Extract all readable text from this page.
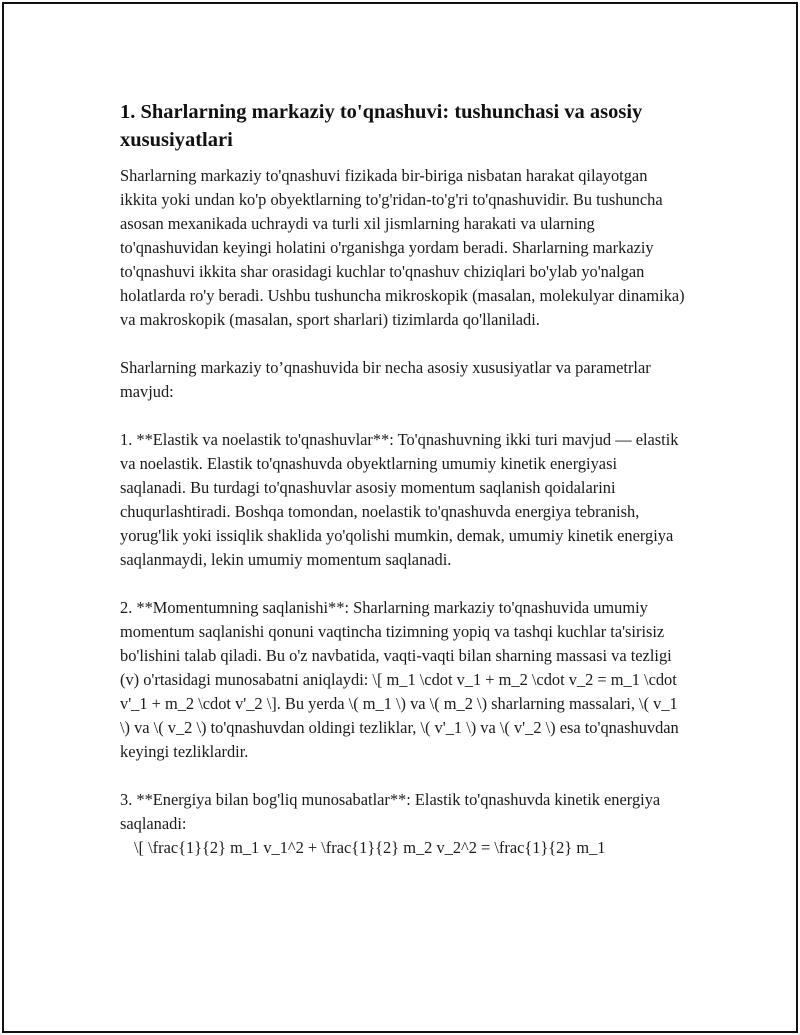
1. Sharlarning markaziy to'qnashuvi: tushunchasi va asosiy xususiyatlari

Sharlarning markaziy to'qnashuvi fizikada bir-biriga nisbatan harakat qilayotgan ikkita yoki undan ko'p obyektlarning to'g'ridan-to'g'ri to'qnashuvidir. Bu tushuncha asosan mexanikada uchraydi va turli xil jismlarning harakati va ularning to'qnashuvidan keyingi holatini o'rganishga yordam beradi. Sharlarning markaziy to'qnashuvi ikkita shar orasidagi kuchlar to'qnashuv chiziqlari bo'ylab yo'nalgan holatlarda ro'y beradi. Ushbu tushuncha mikroskopik (masalan, molekulyar dinamika) va makroskopik (masalan, sport sharlari) tizimlarda qo'llaniladi.

Sharlarning markaziy to’qnashuvida bir necha asosiy xususiyatlar va parametrlar mavjud:

1. **Elastik va noelastik to'qnashuvlar**: To'qnashuvning ikki turi mavjud — elastik va noelastik. Elastik to'qnashuvda obyektlarning umumiy kinetik energiyasi saqlanadi. Bu turdagi to'qnashuvlar asosiy momentum saqlanish qoidalarini chuqurlashtiradi. Boshqa tomondan, noelastik to'qnashuvda energiya tebranish, yorug'lik yoki issiqlik shaklida yo'qolishi mumkin, demak, umumiy kinetik energiya saqlanmaydi, lekin umumiy momentum saqlanadi.

2. **Momentumning saqlanishi**: Sharlarning markaziy to'qnashuvida umumiy momentum saqlanishi qonuni vaqtincha tizimning yopiq va tashqi kuchlar ta'sirisiz bo'lishini talab qiladi. Bu o'z navbatida, vaqti-vaqti bilan sharning massasi va tezligi (v) o'rtasidagi munosabatni aniqlaydi: \[ m_1 \cdot v_1 + m_2 \cdot v_2 = m_1 \cdot v'_1 + m_2 \cdot v'_2 \]. Bu yerda \( m_1 \) va \( m_2 \) sharlarning massalari, \( v_1 \) va \( v_2 \) to'qnashuvdan oldingi tezliklar, \( v'_1 \) va \( v'_2 \) esa to'qnashuvdan keyingi tezliklardir.

3. **Energiya bilan bog'liq munosabatlar**: Elastik to'qnashuvda kinetik energiya saqlanadi:

\[ \frac{1}{2} m_1 v_1^2 + \frac{1}{2} m_2 v_2^2 = \frac{1}{2} m_1
